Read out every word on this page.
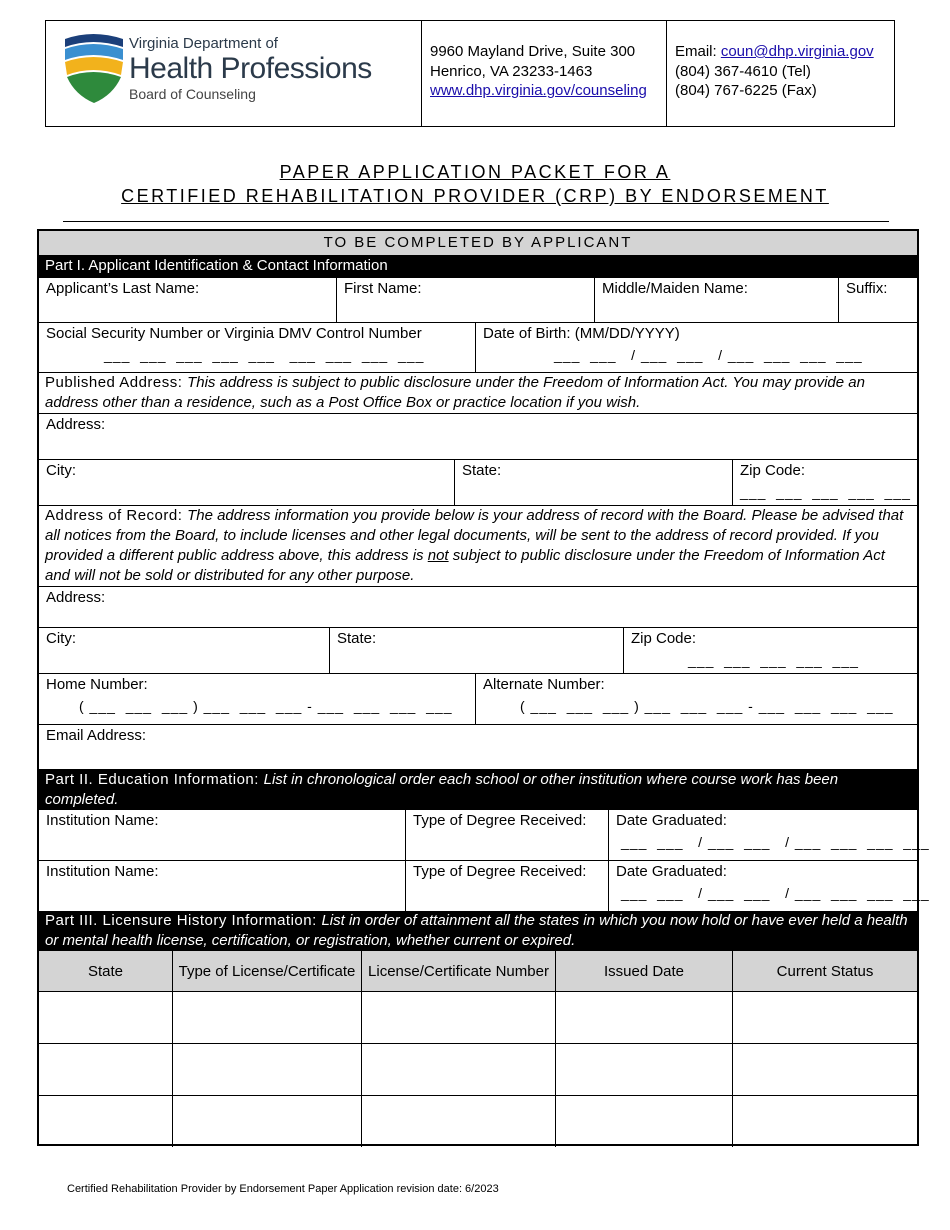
Virginia Department of
Health Professions
Board of Counseling
9960 Mayland Drive, Suite 300
Henrico, VA 23233-1463
www.dhp.virginia.gov/counseling
Email: coun@dhp.virginia.gov
(804) 367-4610 (Tel)
(804) 767-6225 (Fax)
PAPER APPLICATION PACKET FOR A
CERTIFIED REHABILITATION PROVIDER (CRP) BY ENDORSEMENT
TO BE COMPLETED BY APPLICANT
Part I. Applicant Identification & Contact Information
Applicant’s Last Name:	First Name:	Middle/Maiden Name:	Suffix:
Social Security Number or Virginia DMV Control Number
___  ___  ___  ___  ___   ___  ___  ___  ___
Date of Birth: (MM/DD/YYYY)
___  ___   / ___  ___   / ___  ___  ___  ___
Published Address: This address is subject to public disclosure under the Freedom of Information Act. You may provide an address other than a residence, such as a Post Office Box or practice location if you wish.
Address:
City:	State:	Zip Code:
___  ___  ___  ___  ___
Address of Record: The address information you provide below is your address of record with the Board. Please be advised that all notices from the Board, to include licenses and other legal documents, will be sent to the address of record provided. If you provided a different public address above, this address is not subject to public disclosure under the Freedom of Information Act and will not be sold or distributed for any other purpose.
Address:
City:	State:	Zip Code:
___  ___  ___  ___  ___
Home Number:
( ___  ___  ___ ) ___  ___  ___ - ___  ___  ___  ___
Alternate Number:
( ___  ___  ___ ) ___  ___  ___ - ___  ___  ___  ___
Email Address:
Part II. Education Information: List in chronological order each school or other institution where course work has been completed.
Institution Name:	Type of Degree Received:	Date Graduated:
___  ___   / ___  ___   / ___  ___  ___  ___
Institution Name:	Type of Degree Received:	Date Graduated:
___  ___   / ___  ___   / ___  ___  ___  ___
Part III. Licensure History Information: List in order of attainment all the states in which you now hold or have ever held a health or mental health license, certification, or registration, whether current or expired.
State	Type of License/Certificate	License/Certificate Number	Issued Date	Current Status

Certified Rehabilitation Provider by Endorsement Paper Application revision date: 6/2023
